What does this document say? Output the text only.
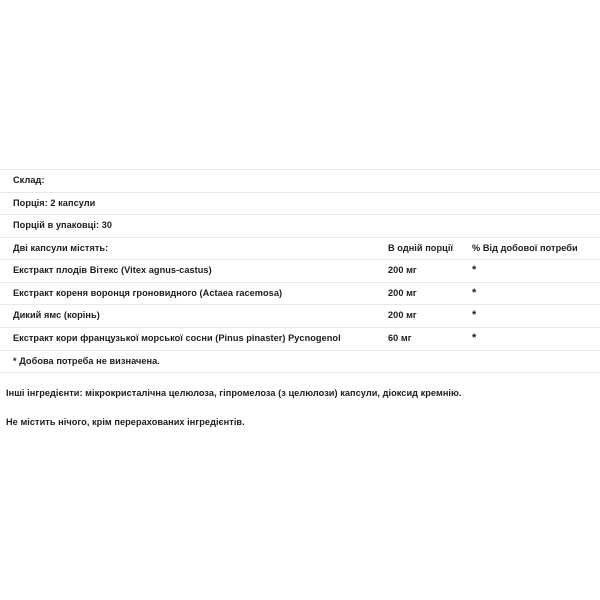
Склад:		
Порція: 2 капсули		
Порцій в упаковці: 30		
Дві капсули містять:	В одній порції	% Від добової потреби
Екстракт плодів Вітекс (Vitex agnus-castus)	200 мг	*
Екстракт кореня воронця гроновидного (Actaea racemosa)	200 мг	*
Дикий ямс (корінь)	200 мг	*
Екстракт кори французької морської сосни (Pinus pinaster) Pycnogenol	60 мг	*
* Добова потреба не визначена.		
Інші інгредієнти: мікрокристалічна целюлоза, гіпромелоза (з целюлози) капсули, діоксид кремнію.
Не містить нічого, крім перерахованих інгредієнтів.
